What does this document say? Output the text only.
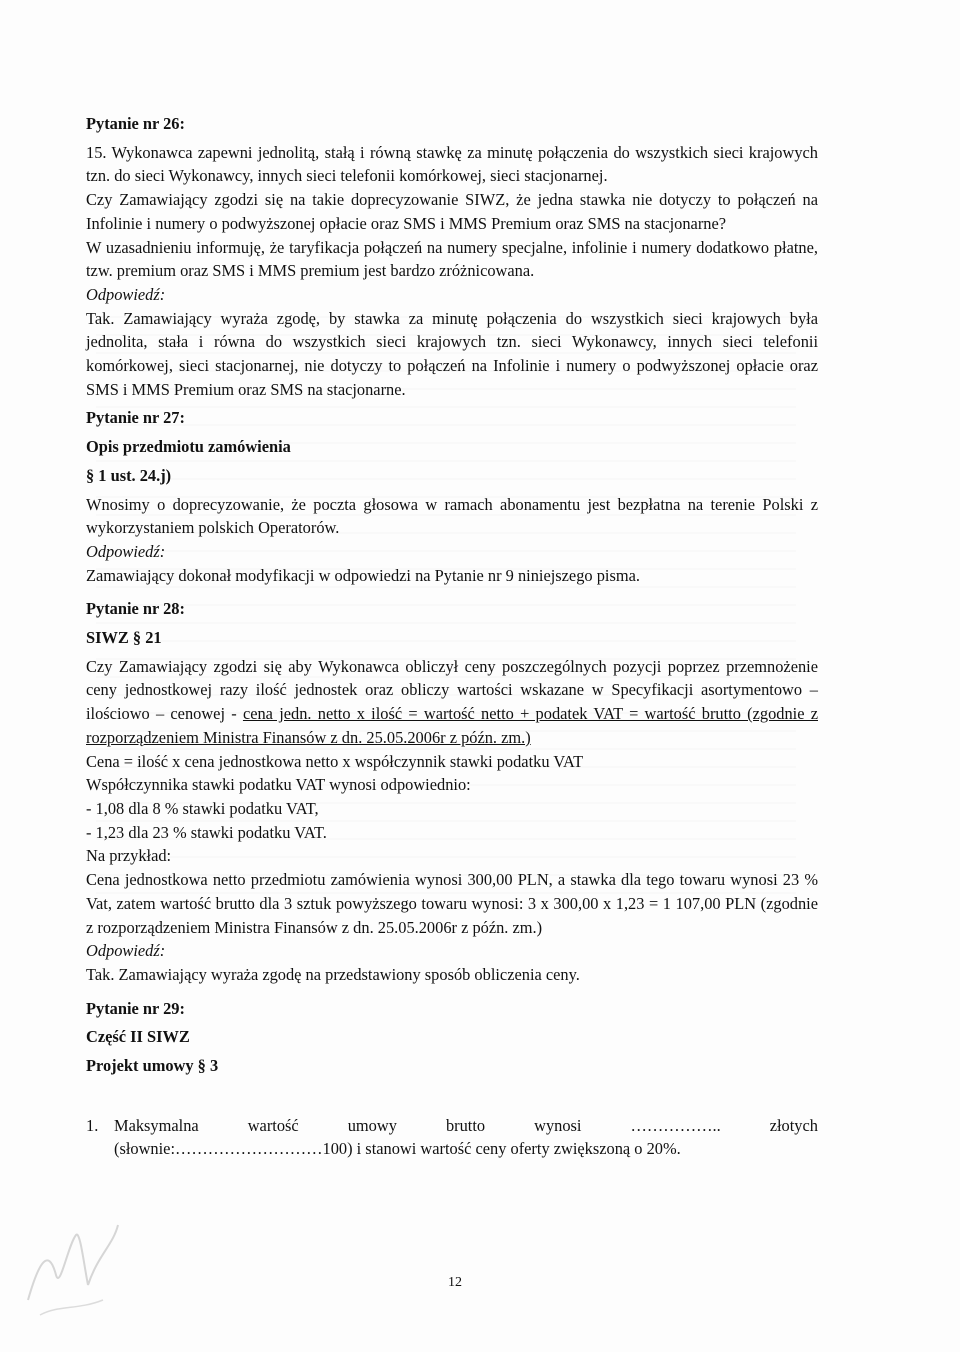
Pytanie nr 26:
15. Wykonawca zapewni jednolitą, stałą i równą stawkę za minutę połączenia do wszystkich sieci krajowych tzn. do sieci Wykonawcy, innych sieci telefonii komórkowej, sieci stacjonarnej.
Czy Zamawiający zgodzi się na takie doprecyzowanie SIWZ, że jedna stawka nie dotyczy to połączeń na Infolinie i numery o podwyższonej opłacie oraz SMS i MMS Premium oraz SMS na stacjonarne?
W uzasadnieniu informuję, że taryfikacja połączeń na numery specjalne, infolinie i numery dodatkowo płatne, tzw. premium oraz SMS i MMS premium jest bardzo zróżnicowana.
Odpowiedź:
Tak. Zamawiający wyraża zgodę, by stawka za minutę połączenia do wszystkich sieci krajowych była jednolita, stała i równa do wszystkich sieci krajowych tzn. sieci Wykonawcy, innych sieci telefonii komórkowej, sieci stacjonarnej, nie dotyczy to połączeń na Infolinie i numery o podwyższonej opłacie oraz SMS i MMS Premium oraz SMS na stacjonarne.
Pytanie nr 27:
Opis przedmiotu zamówienia
§ 1 ust. 24.j)
Wnosimy o doprecyzowanie, że poczta głosowa w ramach abonamentu jest bezpłatna na terenie Polski z wykorzystaniem polskich Operatorów.
Odpowiedź:
Zamawiający dokonał modyfikacji w odpowiedzi na Pytanie nr 9 niniejszego pisma.
Pytanie nr 28:
SIWZ § 21
Czy Zamawiający zgodzi się aby Wykonawca obliczył ceny poszczególnych pozycji poprzez przemnożenie ceny jednostkowej razy ilość jednostek oraz obliczy wartości wskazane w Specyfikacji asortymentowo – ilościowo – cenowej - cena jedn. netto x ilość = wartość netto + podatek VAT = wartość brutto (zgodnie z rozporządzeniem Ministra Finansów z dn. 25.05.2006r z późn. zm.)
Cena = ilość x cena jednostkowa netto x współczynnik stawki podatku VAT
Współczynnika stawki podatku VAT wynosi odpowiednio:
- 1,08 dla 8 % stawki podatku VAT,
- 1,23 dla 23 % stawki podatku VAT.
Na przykład:
Cena jednostkowa netto przedmiotu zamówienia wynosi 300,00 PLN, a stawka dla tego towaru wynosi 23 % Vat, zatem wartość brutto dla 3 sztuk powyższego towaru wynosi: 3 x 300,00 x 1,23 = 1 107,00 PLN (zgodnie z rozporządzeniem Ministra Finansów z dn. 25.05.2006r z późn. zm.)
Odpowiedź:
Tak. Zamawiający wyraża zgodę na przedstawiony sposób obliczenia ceny.
Pytanie nr 29:
Część II SIWZ
Projekt umowy § 3
1. Maksymalna	wartość	umowy	brutto	wynosi	……………..	złotych
(słownie:………………………100) i stanowi wartość ceny oferty zwiększoną o 20%.
12
